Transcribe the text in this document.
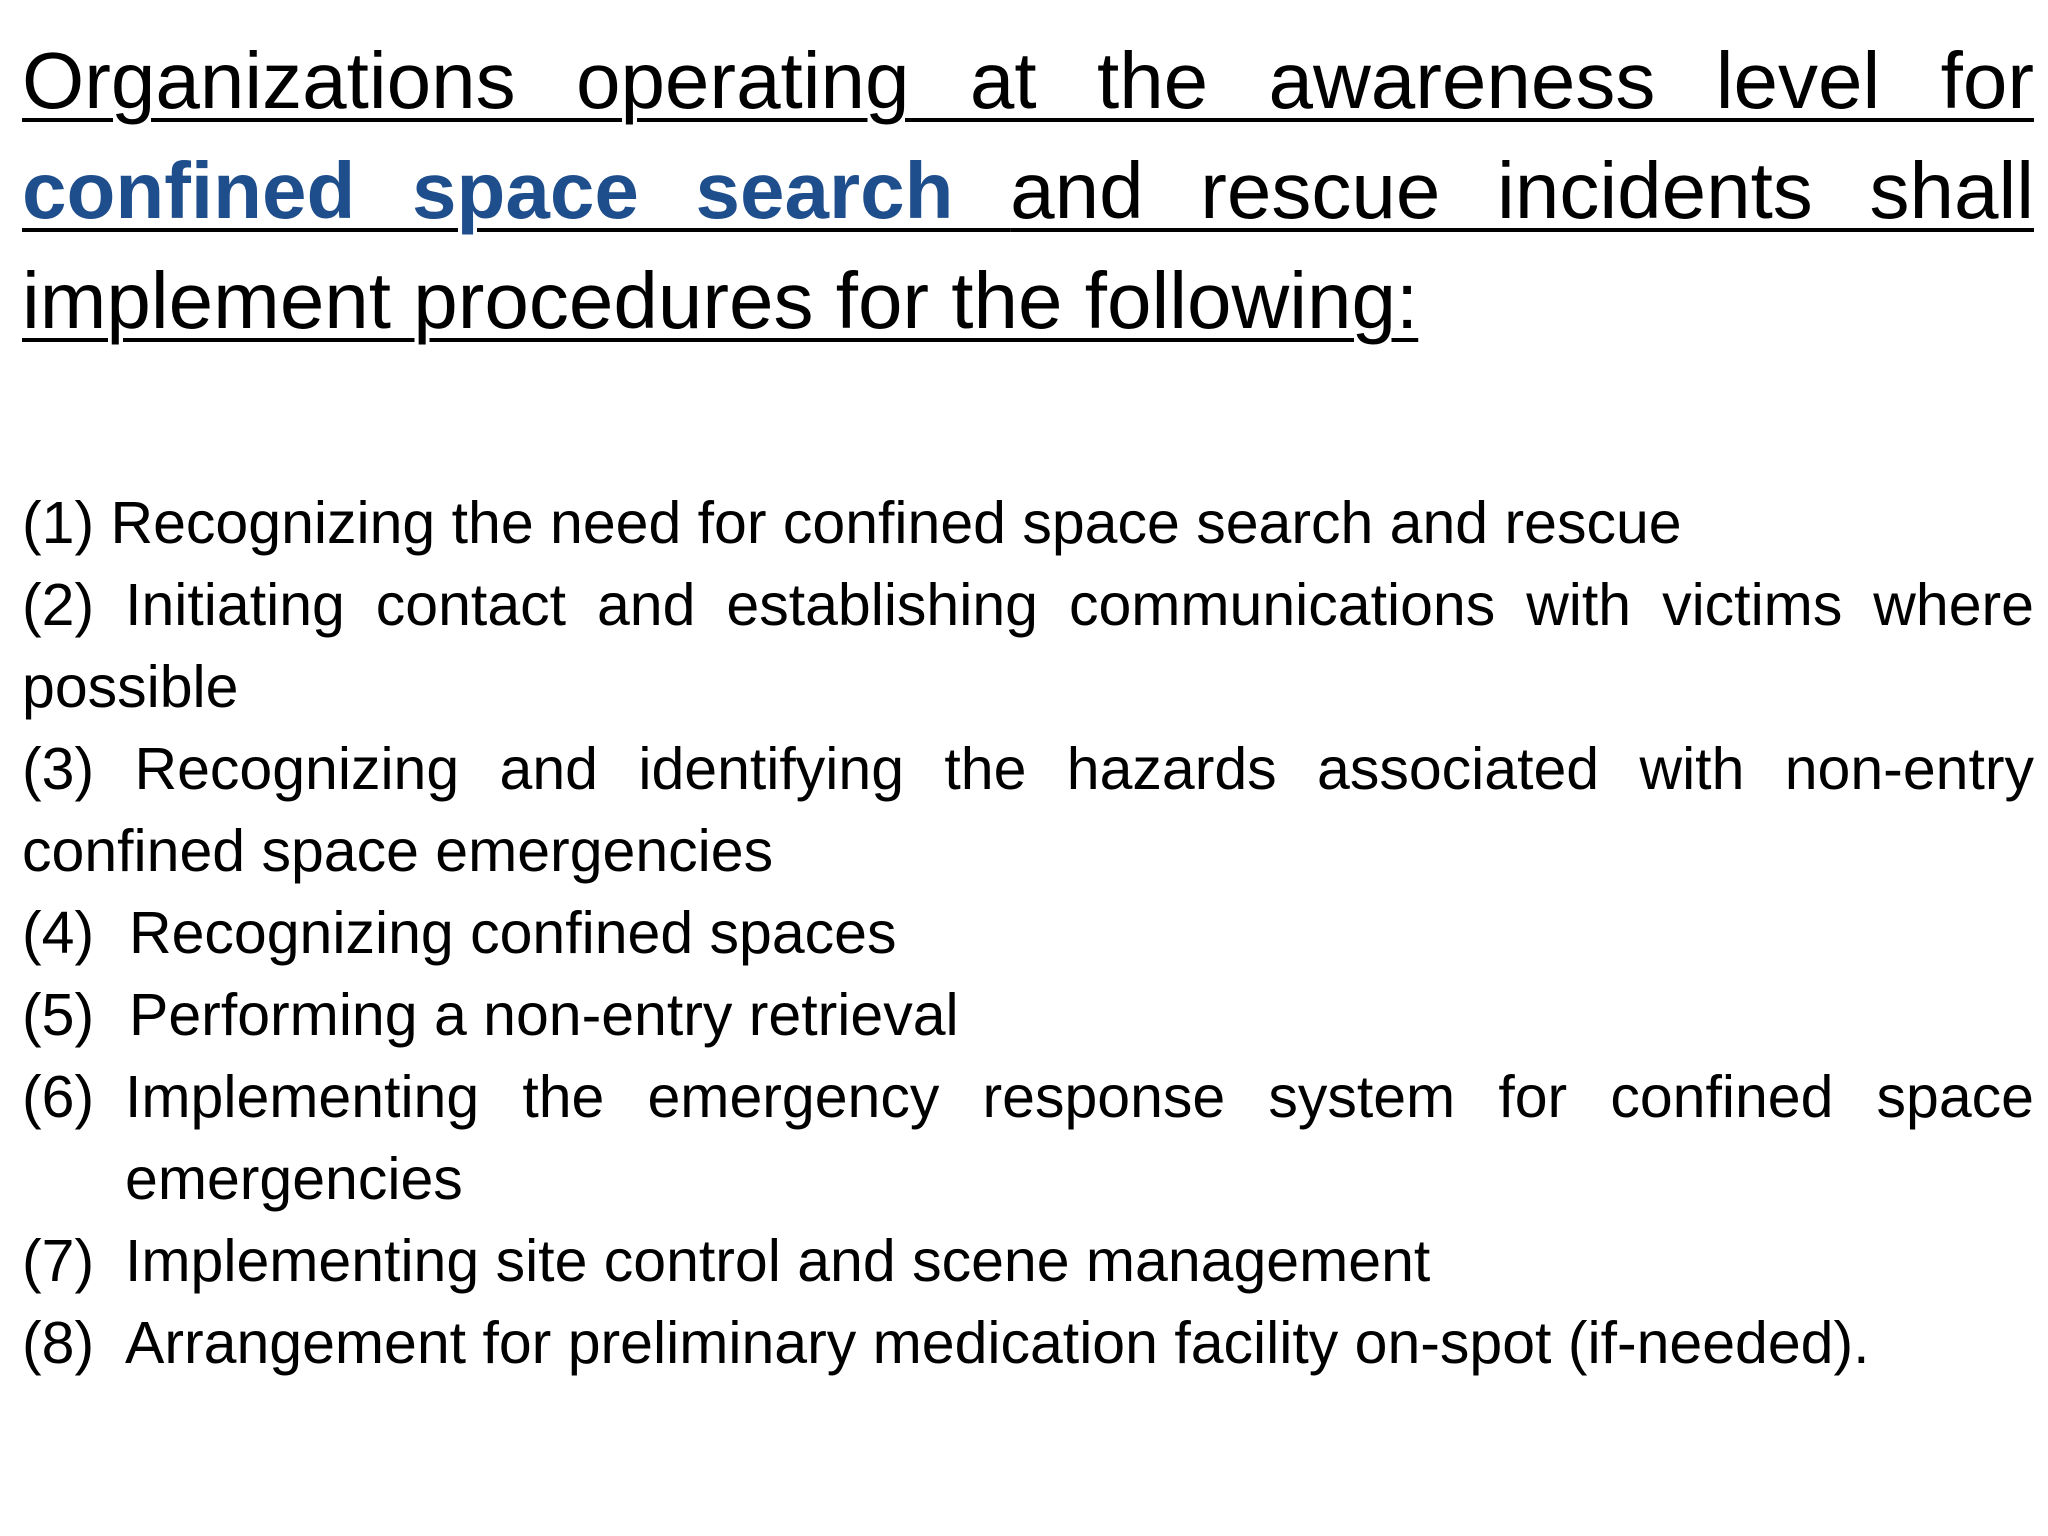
Organizations operating at the awareness level for confined space search and rescue incidents shall implement procedures for the following:

(1) Recognizing the need for confined space search and rescue
(2) Initiating contact and establishing communications with victims where possible
(3) Recognizing and identifying the hazards associated with non-entry confined space emergencies
(4) Recognizing confined spaces
(5) Performing a non-entry retrieval
(6) Implementing the emergency response system for confined space emergencies
(7) Implementing site control and scene management
(8) Arrangement for preliminary medication facility on-spot (if-needed).
